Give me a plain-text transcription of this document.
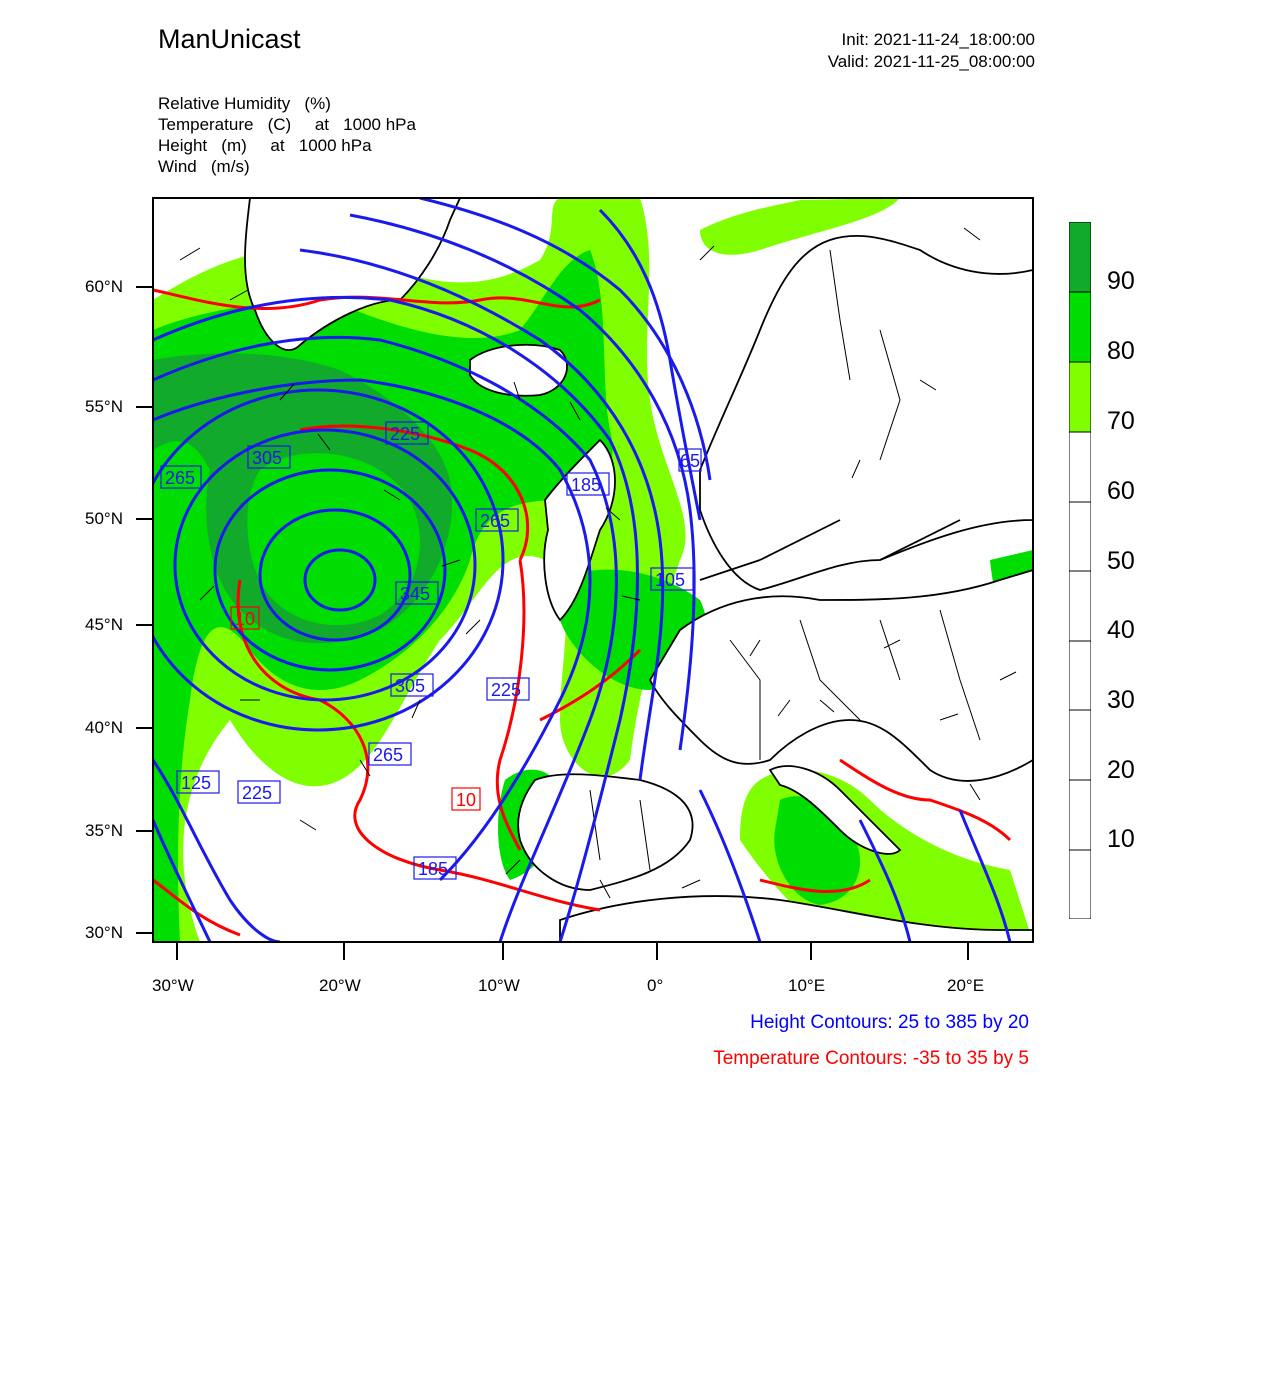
ManUnicast	Init: 2021-11-24_18:00:00
Valid: 2021-11-25_08:00:00
Relative Humidity   (%)
Temperature   (C)     at   1000 hPa
Height   (m)     at   1000 hPa
Wind   (m/s)
265
305
225
185
65
265
105
345
305	225
265
125 225
185
10
10
60°N
55°N
50°N
45°N
40°N
35°N
30°N
30°W	20°W	10°W	0°	10°E	20°E
90
80
70
60
50
40
30
20
10
Height Contours: 25 to 385 by 20
Temperature Contours: -35 to 35 by 5
